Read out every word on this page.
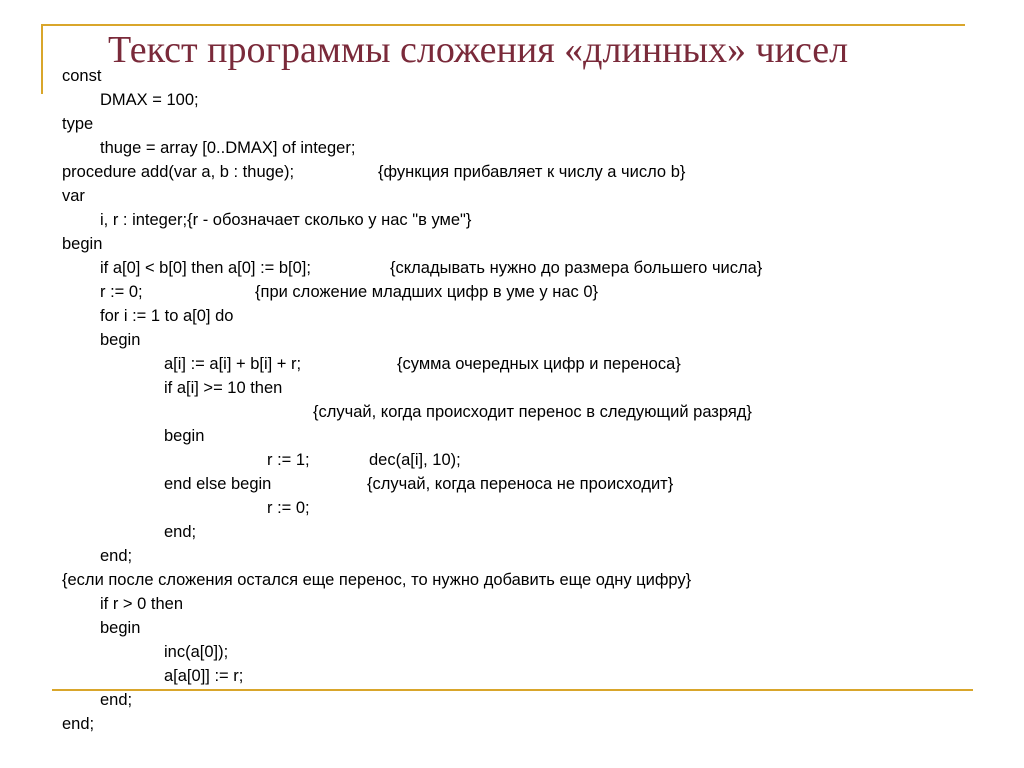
Текст программы сложения «длинных» чисел
const
DMAX = 100;
type
thuge = array [0..DMAX] of integer;
procedure add(var a, b : thuge);	{функция прибавляет к числу a число b}
var
i, r : integer;{r - обозначает сколько у нас "в уме"}
begin
if a[0] < b[0] then a[0] := b[0];	{складывать нужно до размера большего числа}
r := 0;	{при сложение младших цифр в уме у нас 0}
for i := 1 to a[0] do
begin
a[i] := a[i] + b[i] + r;	{сумма очередных цифр и переноса}
if a[i] >= 10 then
{случай, когда происходит перенос в следующий разряд}
begin
r := 1;	dec(a[i], 10);
end else begin	{случай, когда переноса не происходит}
r := 0;
end;
end;
{если после сложения остался еще перенос, то нужно добавить еще одну цифру}
if r > 0 then
begin
inc(a[0]);
a[a[0]] := r;
end;
end;
